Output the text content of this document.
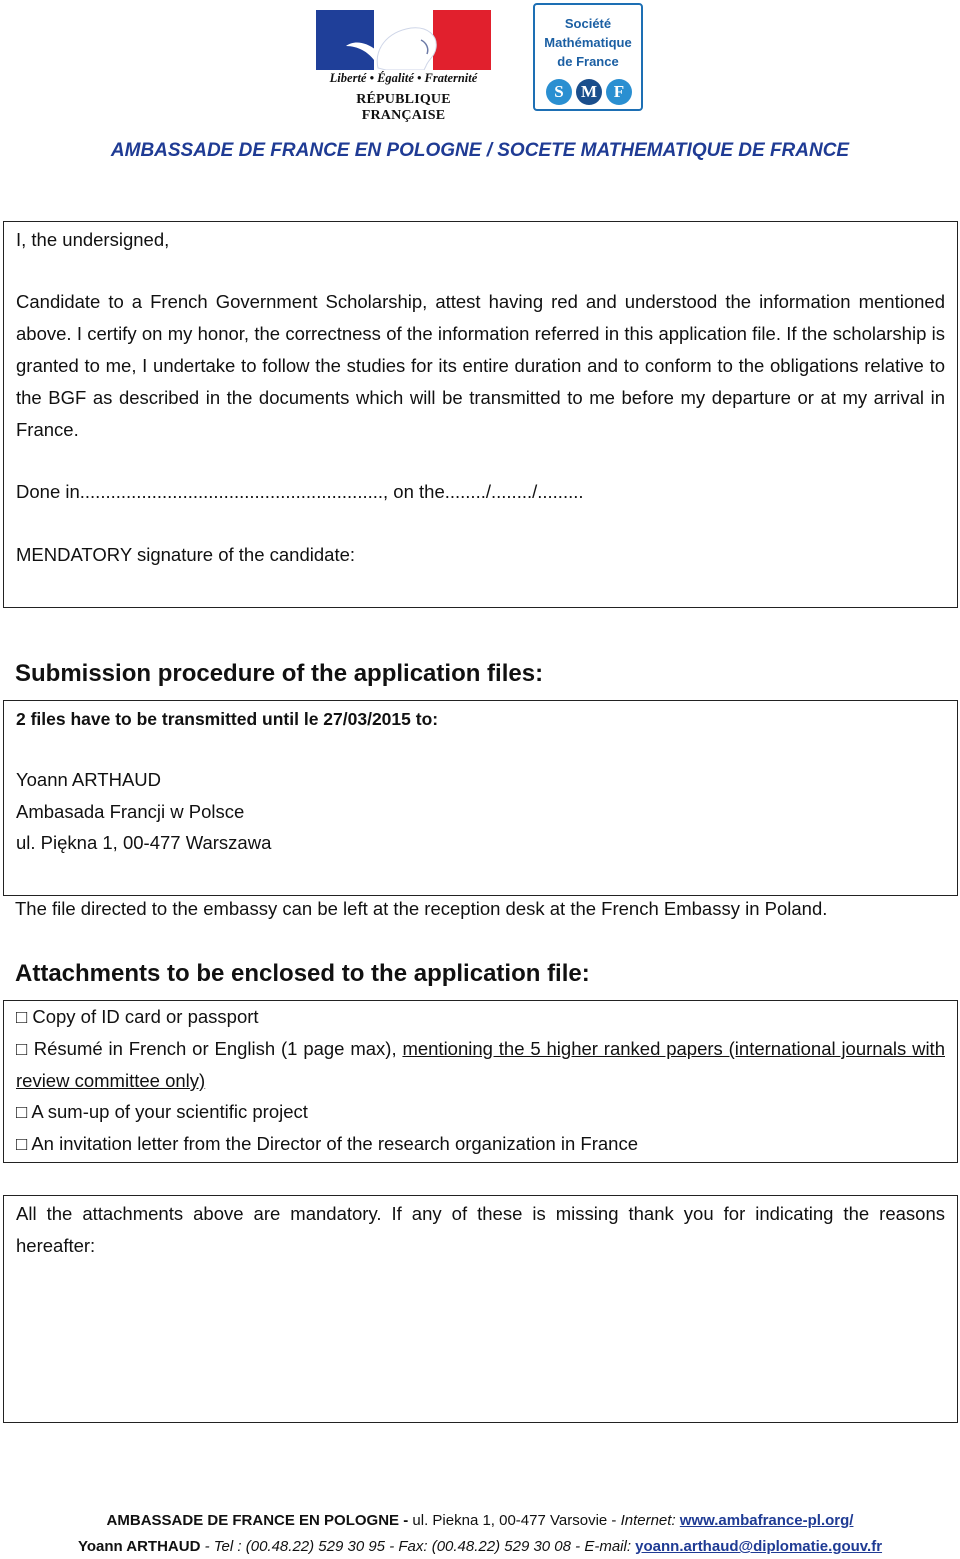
Liberté • Égalité • Fraternité
RÉPUBLIQUE FRANÇAISE
Société
Mathématique
de France
S	M F
AMBASSADE DE FRANCE EN POLOGNE / SOCETE MATHEMATIQUE DE FRANCE
I, the undersigned,
Candidate to a French Government Scholarship, attest having red and understood the information mentioned above. I certify on my honor, the correctness of the information referred in this application file. If the scholarship is granted to me, I undertake to follow the studies for its entire duration and to conform to the obligations relative to the BGF as described in the documents which will be transmitted to me before my departure or at my arrival in France.
Done in..........................................................., on the......../......../.........
MENDATORY signature of the candidate:
Submission procedure of the application files:
2 files have to be transmitted until le 27/03/2015 to:
Yoann ARTHAUD
Ambasada Francji w Polsce
ul. Piękna 1, 00-477 Warszawa
The file directed to the embassy can be left at the reception desk at the French Embassy in Poland.
Attachments to be enclosed to the application file:
□ Copy of ID card or passport
□ Résumé in French or English (1 page max), mentioning the 5 higher ranked papers (international journals with review committee only)
□ A sum-up of your scientific project
□ An invitation letter from the Director of the research organization in France
All the attachments above are mandatory. If any of these is missing thank you for indicating the reasons hereafter:
AMBASSADE DE FRANCE EN POLOGNE - ul. Piekna 1, 00-477 Varsovie - Internet: www.ambafrance-pl.org/
Yoann ARTHAUD - Tel : (00.48.22) 529 30 95 - Fax: (00.48.22) 529 30 08 - E-mail: yoann.arthaud@diplomatie.gouv.fr
